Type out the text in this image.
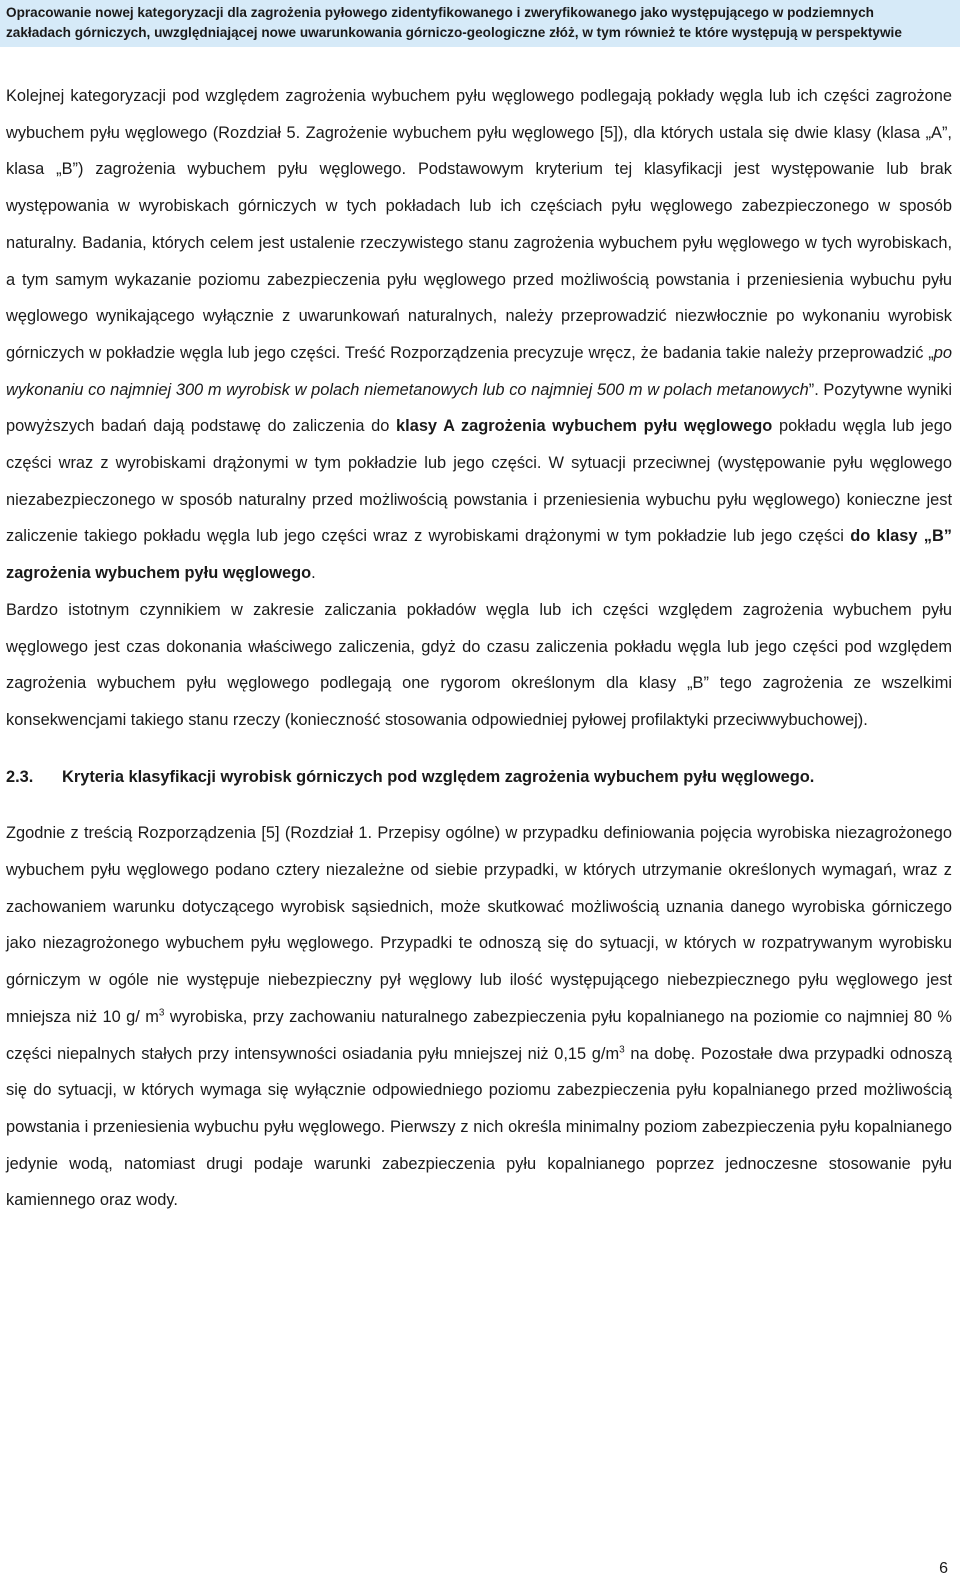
Opracowanie nowej kategoryzacji dla zagrożenia pyłowego zidentyfikowanego i zweryfikowanego jako występującego w podziemnych
zakładach górniczych, uwzględniającej nowe uwarunkowania górniczo-geologiczne złóż, w tym również te które występują w perspektywie

Kolejnej kategoryzacji pod względem zagrożenia wybuchem pyłu węglowego podlegają pokłady węgla lub ich części zagrożone wybuchem pyłu węglowego (Rozdział 5. Zagrożenie wybuchem pyłu węglowego [5]), dla których ustala się dwie klasy (klasa „A”, klasa „B”) zagrożenia wybuchem pyłu węglowego. Podstawowym kryterium tej klasyfikacji jest występowanie lub brak występowania w wyrobiskach górniczych w tych pokładach lub ich częściach pyłu węglowego zabezpieczonego w sposób naturalny. Badania, których celem jest ustalenie rzeczywistego stanu zagrożenia wybuchem pyłu węglowego w tych wyrobiskach, a tym samym wykazanie poziomu zabezpieczenia pyłu węglowego przed możliwością powstania i przeniesienia wybuchu pyłu węglowego wynikającego wyłącznie z uwarunkowań naturalnych, należy przeprowadzić niezwłocznie po wykonaniu wyrobisk górniczych w pokładzie węgla lub jego części. Treść Rozporządzenia precyzuje wręcz, że badania takie należy przeprowadzić „po wykonaniu co najmniej 300 m wyrobisk w polach niemetanowych lub co najmniej 500 m w polach metanowych”. Pozytywne wyniki powyższych badań dają podstawę do zaliczenia do klasy A zagrożenia wybuchem pyłu węglowego pokładu węgla lub jego części wraz z wyrobiskami drążonymi w tym pokładzie lub jego części. W sytuacji przeciwnej (występowanie pyłu węglowego niezabezpieczonego w sposób naturalny przed możliwością powstania i przeniesienia wybuchu pyłu węglowego) konieczne jest zaliczenie takiego pokładu węgla lub jego części wraz z wyrobiskami drążonymi w tym pokładzie lub jego części do klasy „B” zagrożenia wybuchem pyłu węglowego.

Bardzo istotnym czynnikiem w zakresie zaliczania pokładów węgla lub ich części względem zagrożenia wybuchem pyłu węglowego jest czas dokonania właściwego zaliczenia, gdyż do czasu zaliczenia pokładu węgla lub jego części pod względem zagrożenia wybuchem pyłu węglowego podlegają one rygorom określonym dla klasy „B” tego zagrożenia ze wszelkimi konsekwencjami takiego stanu rzeczy (konieczność stosowania odpowiedniej pyłowej profilaktyki przeciwwybuchowej).

2.3. Kryteria klasyfikacji wyrobisk górniczych pod względem zagrożenia wybuchem pyłu węglowego.

Zgodnie z treścią Rozporządzenia [5] (Rozdział 1. Przepisy ogólne) w przypadku definiowania pojęcia wyrobiska niezagrożonego wybuchem pyłu węglowego podano cztery niezależne od siebie przypadki, w których utrzymanie określonych wymagań, wraz z zachowaniem warunku dotyczącego wyrobisk sąsiednich, może skutkować możliwością uznania danego wyrobiska górniczego jako niezagrożonego wybuchem pyłu węglowego. Przypadki te odnoszą się do sytuacji, w których w rozpatrywanym wyrobisku górniczym w ogóle nie występuje niebezpieczny pył węglowy lub ilość występującego niebezpiecznego pyłu węglowego jest mniejsza niż 10 g/ $m^3$ wyrobiska, przy zachowaniu naturalnego zabezpieczenia pyłu kopalnianego na poziomie co najmniej 80 % części niepalnych stałych przy intensywności osiadania pyłu mniejszej niż 0,15 $g/m^3$ na dobę. Pozostałe dwa przypadki odnoszą się do sytuacji, w których wymaga się wyłącznie odpowiedniego poziomu zabezpieczenia pyłu kopalnianego przed możliwością powstania i przeniesienia wybuchu pyłu węglowego. Pierwszy z nich określa minimalny poziom zabezpieczenia pyłu kopalnianego jedynie wodą, natomiast drugi podaje warunki zabezpieczenia pyłu kopalnianego poprzez jednoczesne stosowanie pyłu kamiennego oraz wody.

6
